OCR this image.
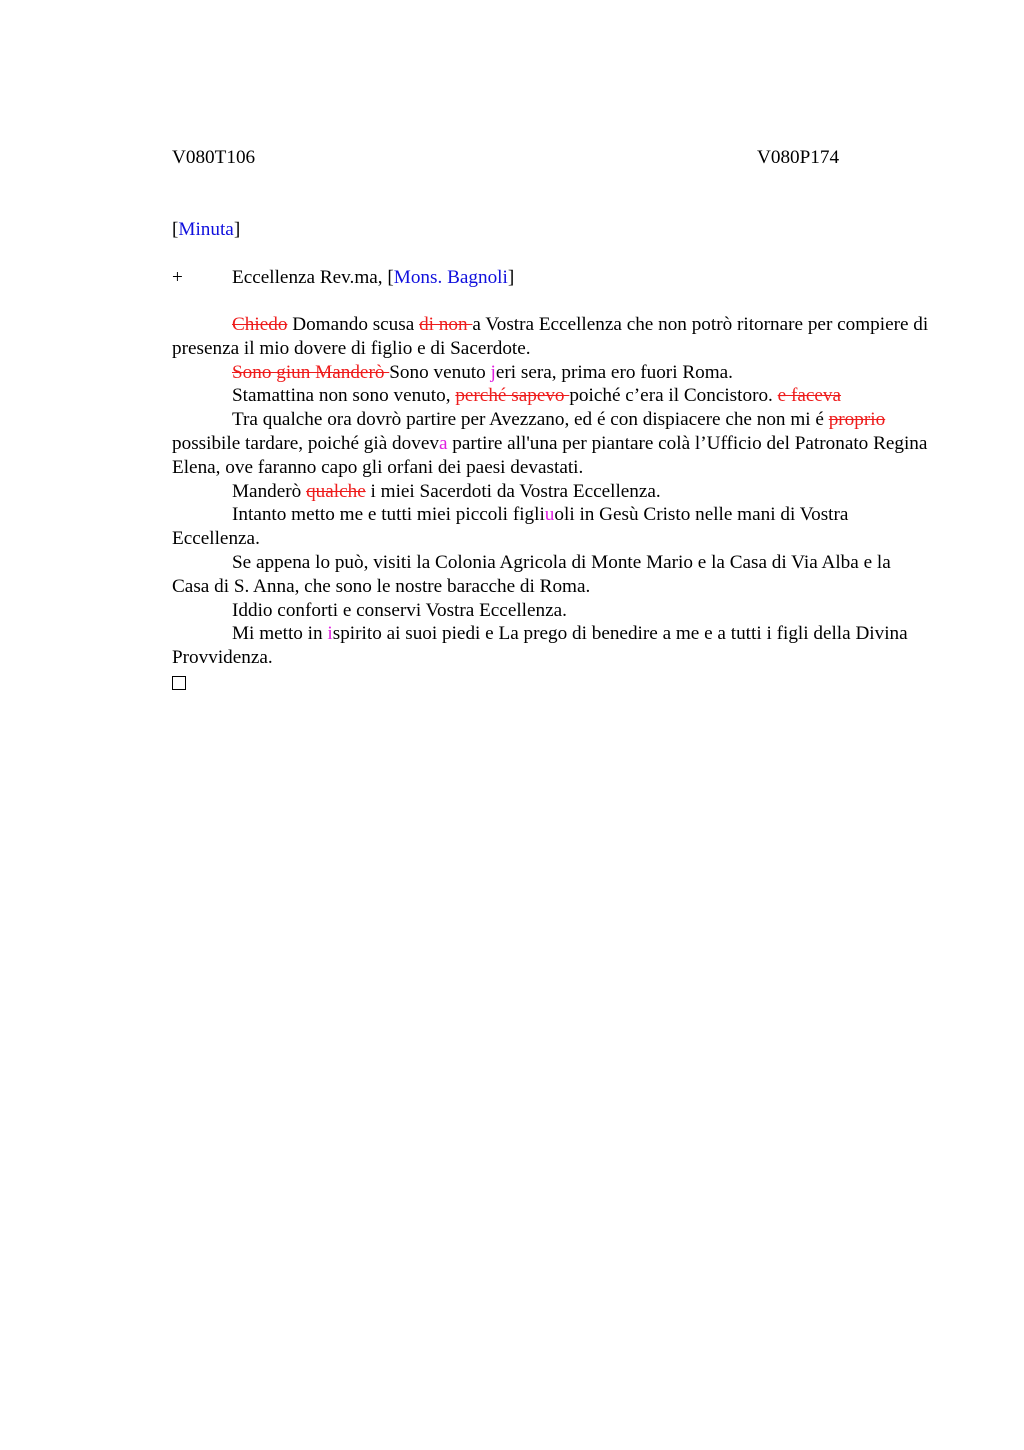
V080T106	V080P174
[Minuta]
+	Eccellenza Rev.ma, [Mons. Bagnoli]

Chiedo Domando scusa di non a Vostra Eccellenza che non potrò ritornare per compiere di presenza il mio dovere di figlio e di Sacerdote.

Sono giun Manderò Sono venuto jeri sera, prima ero fuori Roma.

Stamattina non sono venuto, perché sapevo poiché c’era il Concistoro. e faceva

Tra qualche ora dovrò partire per Avezzano, ed é con dispiacere che non mi é proprio possibile tardare, poiché già doveva partire all'una per piantare colà l’Ufficio del Patronato Regina Elena, ove faranno capo gli orfani dei paesi devastati.

Manderò qualche i miei Sacerdoti da Vostra Eccellenza.

Intanto metto me e tutti miei piccoli figliuoli in Gesù Cristo nelle mani di Vostra Eccellenza.

Se appena lo può, visiti la Colonia Agricola di Monte Mario e la Casa di Via Alba e la Casa di S. Anna, che sono le nostre baracche di Roma.

Iddio conforti e conservi Vostra Eccellenza.

Mi metto in ispirito ai suoi piedi e La prego di benedire a me e a tutti i figli della Divina Provvidenza.
